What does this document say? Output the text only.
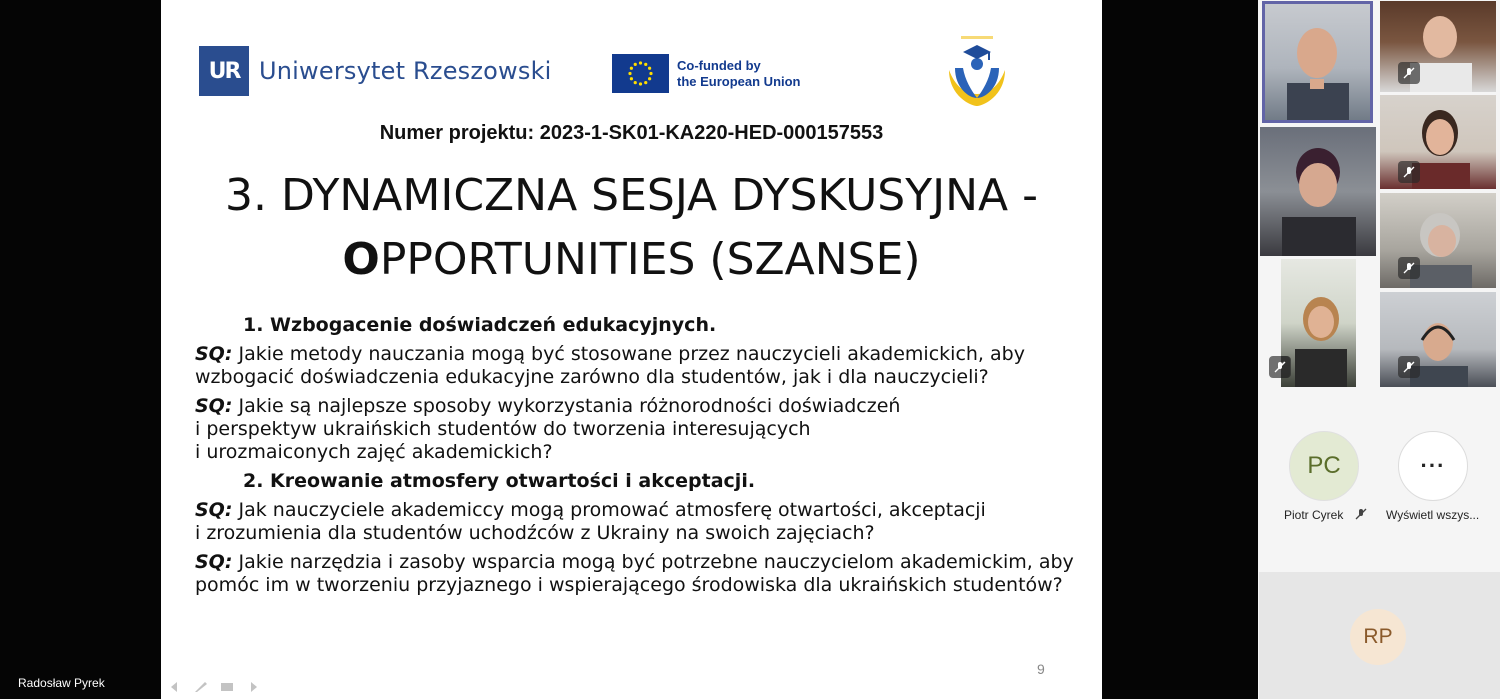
UR Uniwersytet Rzeszowski	Co-funded by
the European Union
Numer projektu: 2023-1-SK01-KA220-HED-000157553
3. DYNAMICZNA SESJA DYSKUSYJNA -
OPPORTUNITIES (SZANSE)
1. Wzbogacenie doświadczeń edukacyjnych.
SQ: Jakie metody nauczania mogą być stosowane przez nauczycieli akademickich, aby
wzbogacić doświadczenia edukacyjne zarówno dla studentów, jak i dla nauczycieli?
SQ: Jakie są najlepsze sposoby wykorzystania różnorodności doświadczeń
i perspektyw ukraińskich studentów do tworzenia interesujących
i urozmaiconych zajęć akademickich?
2. Kreowanie atmosfery otwartości i akceptacji.
SQ: Jak nauczyciele akademiccy mogą promować atmosferę otwartości, akceptacji
i zrozumienia dla studentów uchodźców z Ukrainy na swoich zajęciach?
SQ: Jakie narzędzia i zasoby wsparcia mogą być potrzebne nauczycielom akademickim, aby
pomóc im w tworzeniu przyjaznego i wspierającego środowiska dla ukraińskich studentów?
9
Radosław Pyrek
PC
Piotr Cyrek
···
Wyświetl wszys...
RP
